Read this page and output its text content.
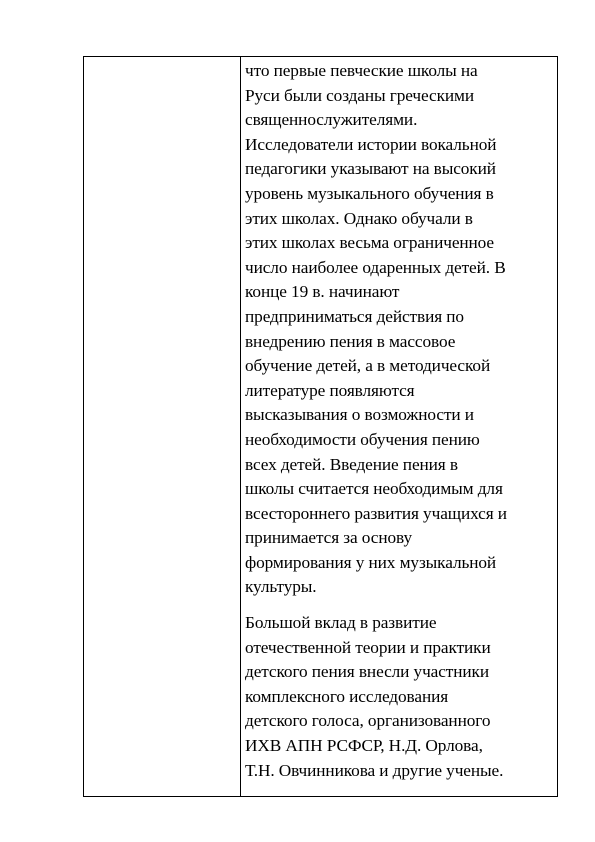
что первые певческие школы на
Руси были созданы греческими
священнослужителями.
Исследователи истории вокальной
педагогики указывают на высокий
уровень музыкального обучения в
этих школах. Однако обучали в
этих школах весьма ограниченное
число наиболее одаренных детей. В
конце 19 в. начинают
предприниматься действия по
внедрению пения в массовое
обучение детей, а в методической
литературе появляются
высказывания о возможности и
необходимости обучения пению
всех детей. Введение пения в
школы считается необходимым для
всестороннего развития учащихся и
принимается за основу
формирования у них музыкальной
культуры.

Большой вклад в развитие
отечественной теории и практики
детского пения внесли участники
комплексного исследования
детского голоса, организованного
ИХВ АПН РСФСР, Н.Д. Орлова,
Т.Н. Овчинникова и другие ученые.
